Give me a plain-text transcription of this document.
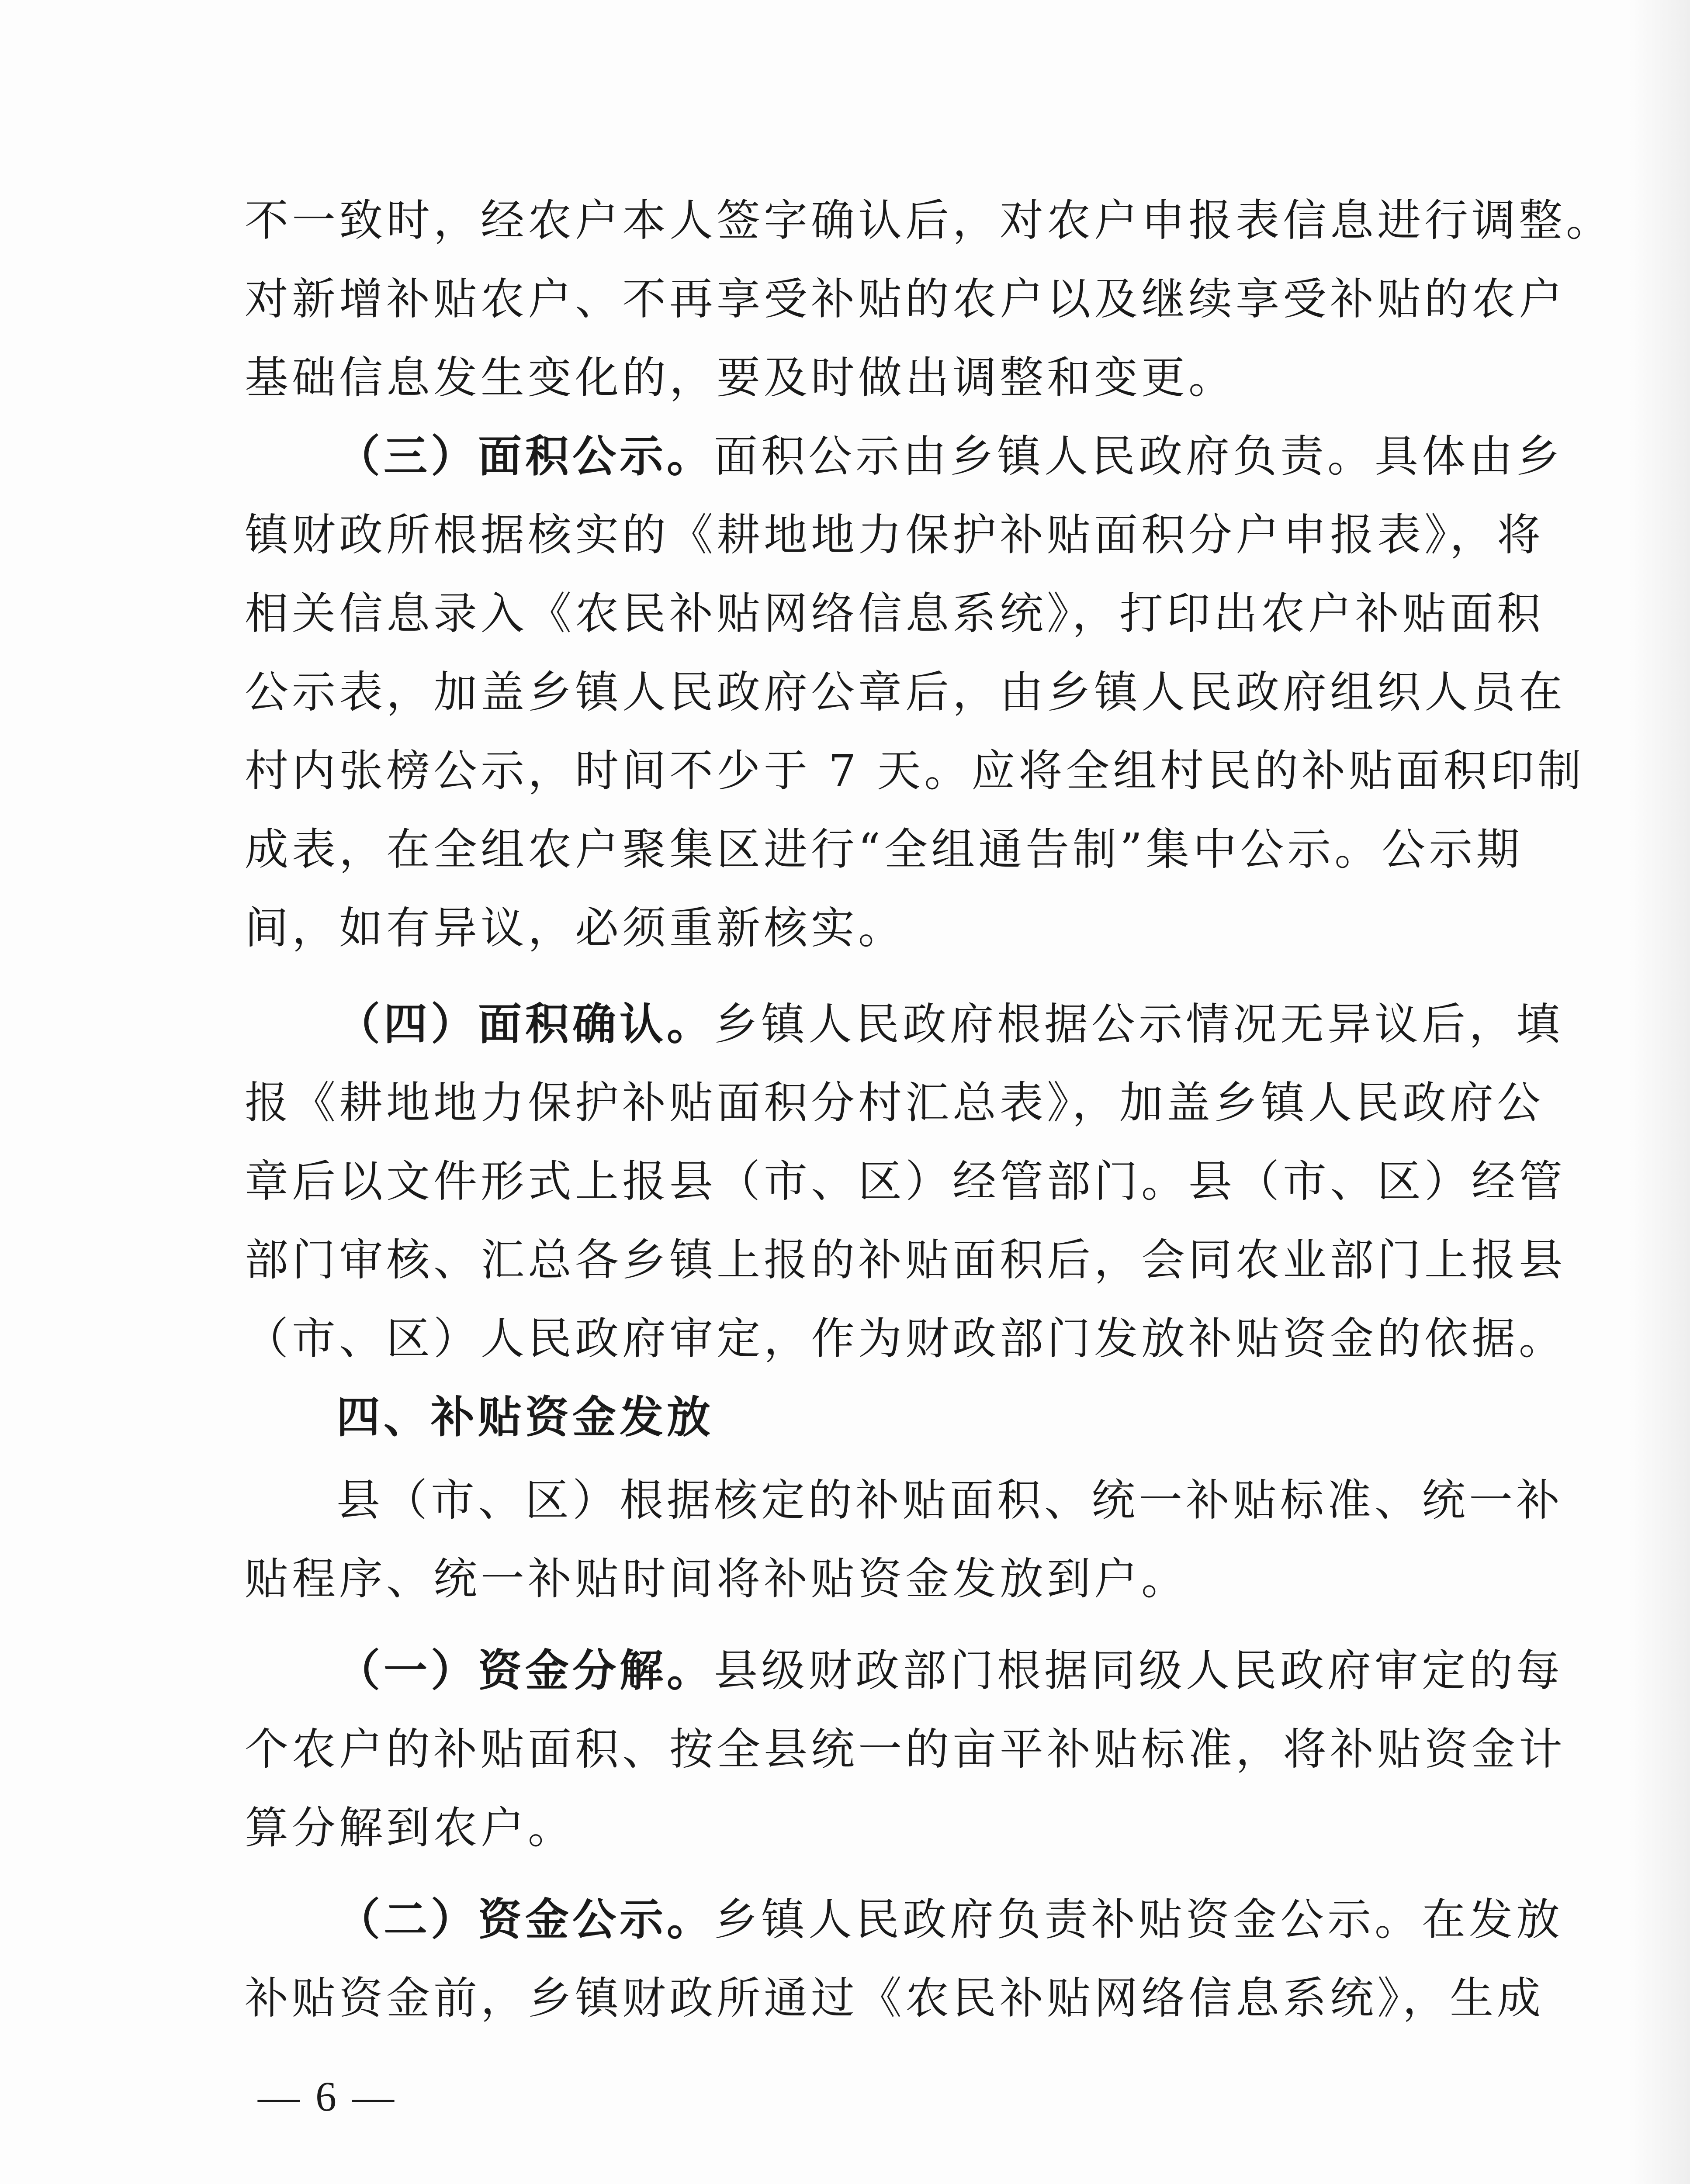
不一致时，经农户本人签字确认后，对农户申报表信息进行调整。
对新增补贴农户、不再享受补贴的农户以及继续享受补贴的农户
基础信息发生变化的，要及时做出调整和变更。
（三）面积公示。面积公示由乡镇人民政府负责。具体由乡
镇财政所根据核实的《耕地地力保护补贴面积分户申报表》，将
相关信息录入《农民补贴网络信息系统》，打印出农户补贴面积
公示表，加盖乡镇人民政府公章后，由乡镇人民政府组织人员在
村内张榜公示，时间不少于 7 天。应将全组村民的补贴面积印制
成表，在全组农户聚集区进行“全组通告制”集中公示。公示期
间，如有异议，必须重新核实。
（四）面积确认。乡镇人民政府根据公示情况无异议后，填
报《耕地地力保护补贴面积分村汇总表》，加盖乡镇人民政府公
章后以文件形式上报县（市、区）经管部门。县（市、区）经管
部门审核、汇总各乡镇上报的补贴面积后，会同农业部门上报县
（市、区）人民政府审定，作为财政部门发放补贴资金的依据。
四、补贴资金发放
县（市、区）根据核定的补贴面积、统一补贴标准、统一补
贴程序、统一补贴时间将补贴资金发放到户。
（一）资金分解。县级财政部门根据同级人民政府审定的每
个农户的补贴面积、按全县统一的亩平补贴标准，将补贴资金计
算分解到农户。
（二）资金公示。乡镇人民政府负责补贴资金公示。在发放
补贴资金前，乡镇财政所通过《农民补贴网络信息系统》，生成
— 6 —
